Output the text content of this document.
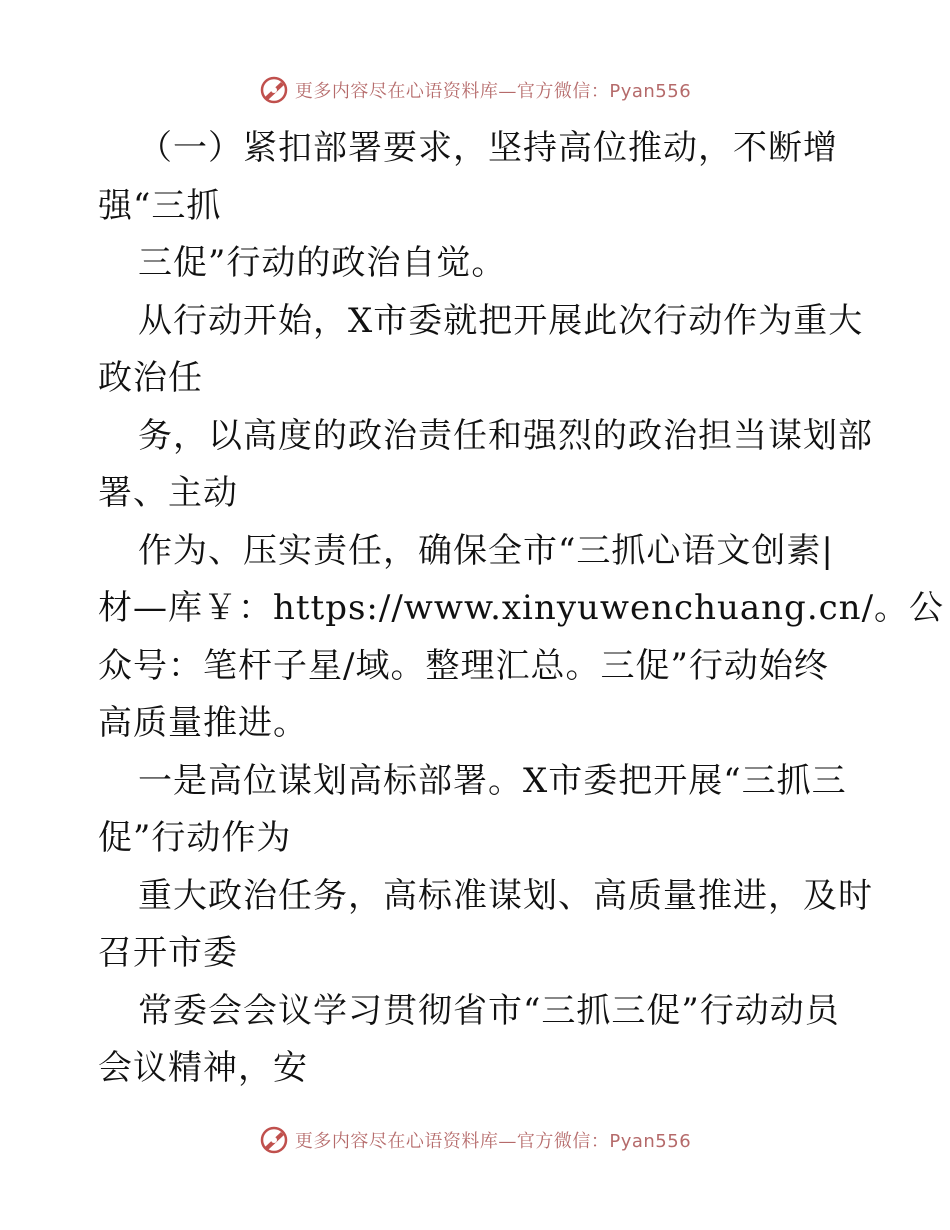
更多内容尽在心语资料库—官方微信：Pyan556
（一）紧扣部署要求，坚持高位推动，不断增
强“三抓
三促”行动的政治自觉。
从行动开始，X市委就把开展此次行动作为重大
政治任
务，以高度的政治责任和强烈的政治担当谋划部
署、主动
作为、压实责任，确保全市“三抓心语文创素|
材—库￥：https://www.xinyuwenchuang.cn/。公
众号：笔杆子星/域。整理汇总。三促”行动始终
高质量推进。
一是高位谋划高标部署。X市委把开展“三抓三
促”行动作为
重大政治任务，高标准谋划、高质量推进，及时
召开市委
常委会会议学习贯彻省市“三抓三促”行动动员
会议精神，安
更多内容尽在心语资料库—官方微信：Pyan556
